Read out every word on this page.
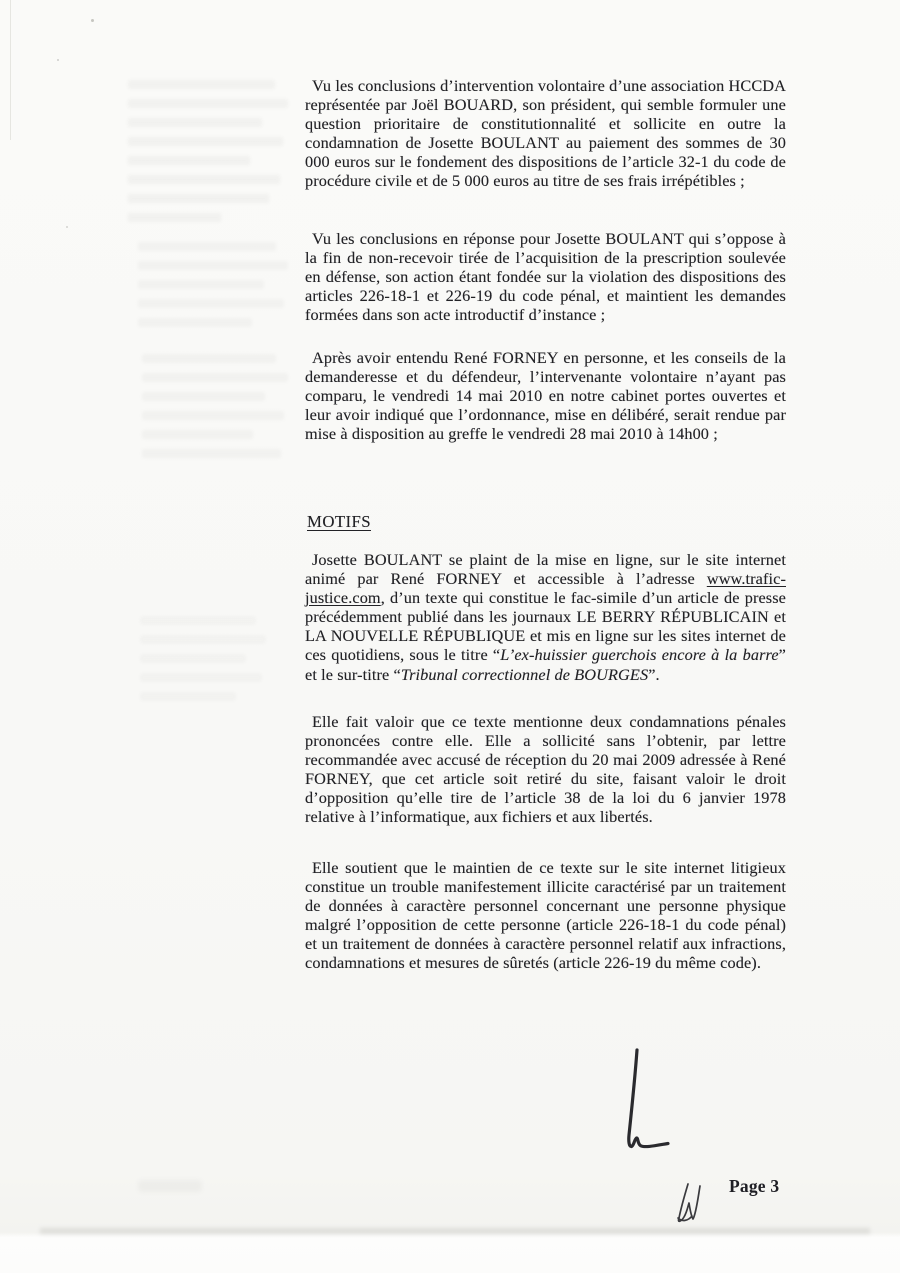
Vu les conclusions d’intervention volontaire d’une association HCCDA représentée par Joël BOUARD, son président, qui semble formuler une question prioritaire de constitutionnalité et sollicite en outre la condamnation de Josette BOULANT au paiement des sommes de 30 000 euros sur le fondement des dispositions de l’article 32-1 du code de procédure civile et de 5 000 euros au titre de ses frais irrépétibles ;

Vu les conclusions en réponse pour Josette BOULANT qui s’oppose à la fin de non-recevoir tirée de l’acquisition de la prescription soulevée en défense, son action étant fondée sur la violation des dispositions des articles 226-18-1 et 226-19 du code pénal, et maintient les demandes formées dans son acte introductif d’instance ;

Après avoir entendu René FORNEY en personne, et les conseils de la demanderesse et du défendeur, l’intervenante volontaire n’ayant pas comparu, le vendredi 14 mai 2010 en notre cabinet portes ouvertes et leur avoir indiqué que l’ordonnance, mise en délibéré, serait rendue par mise à disposition au greffe le vendredi 28 mai 2010 à 14h00 ;

MOTIFS

Josette BOULANT se plaint de la mise en ligne, sur le site internet animé par René FORNEY et accessible à l’adresse www.trafic-justice.com, d’un texte qui constitue le fac-simile d’un article de presse précédemment publié dans les journaux LE BERRY RÉPUBLICAIN et LA NOUVELLE RÉPUBLIQUE et mis en ligne sur les sites internet de ces quotidiens, sous le titre “L’ex-huissier guerchois encore à la barre” et le sur-titre “Tribunal correctionnel de BOURGES”.

Elle fait valoir que ce texte mentionne deux condamnations pénales prononcées contre elle. Elle a sollicité sans l’obtenir, par lettre recommandée avec accusé de réception du 20 mai 2009 adressée à René FORNEY, que cet article soit retiré du site, faisant valoir le droit d’opposition qu’elle tire de l’article 38 de la loi du 6 janvier 1978 relative à l’informatique, aux fichiers et aux libertés.

Elle soutient que le maintien de ce texte sur le site internet litigieux constitue un trouble manifestement illicite caractérisé par un traitement de données à caractère personnel concernant une personne physique malgré l’opposition de cette personne (article 226-18-1 du code pénal) et un traitement de données à caractère personnel relatif aux infractions, condamnations et mesures de sûretés (article 226-19 du même code).

Page 3
